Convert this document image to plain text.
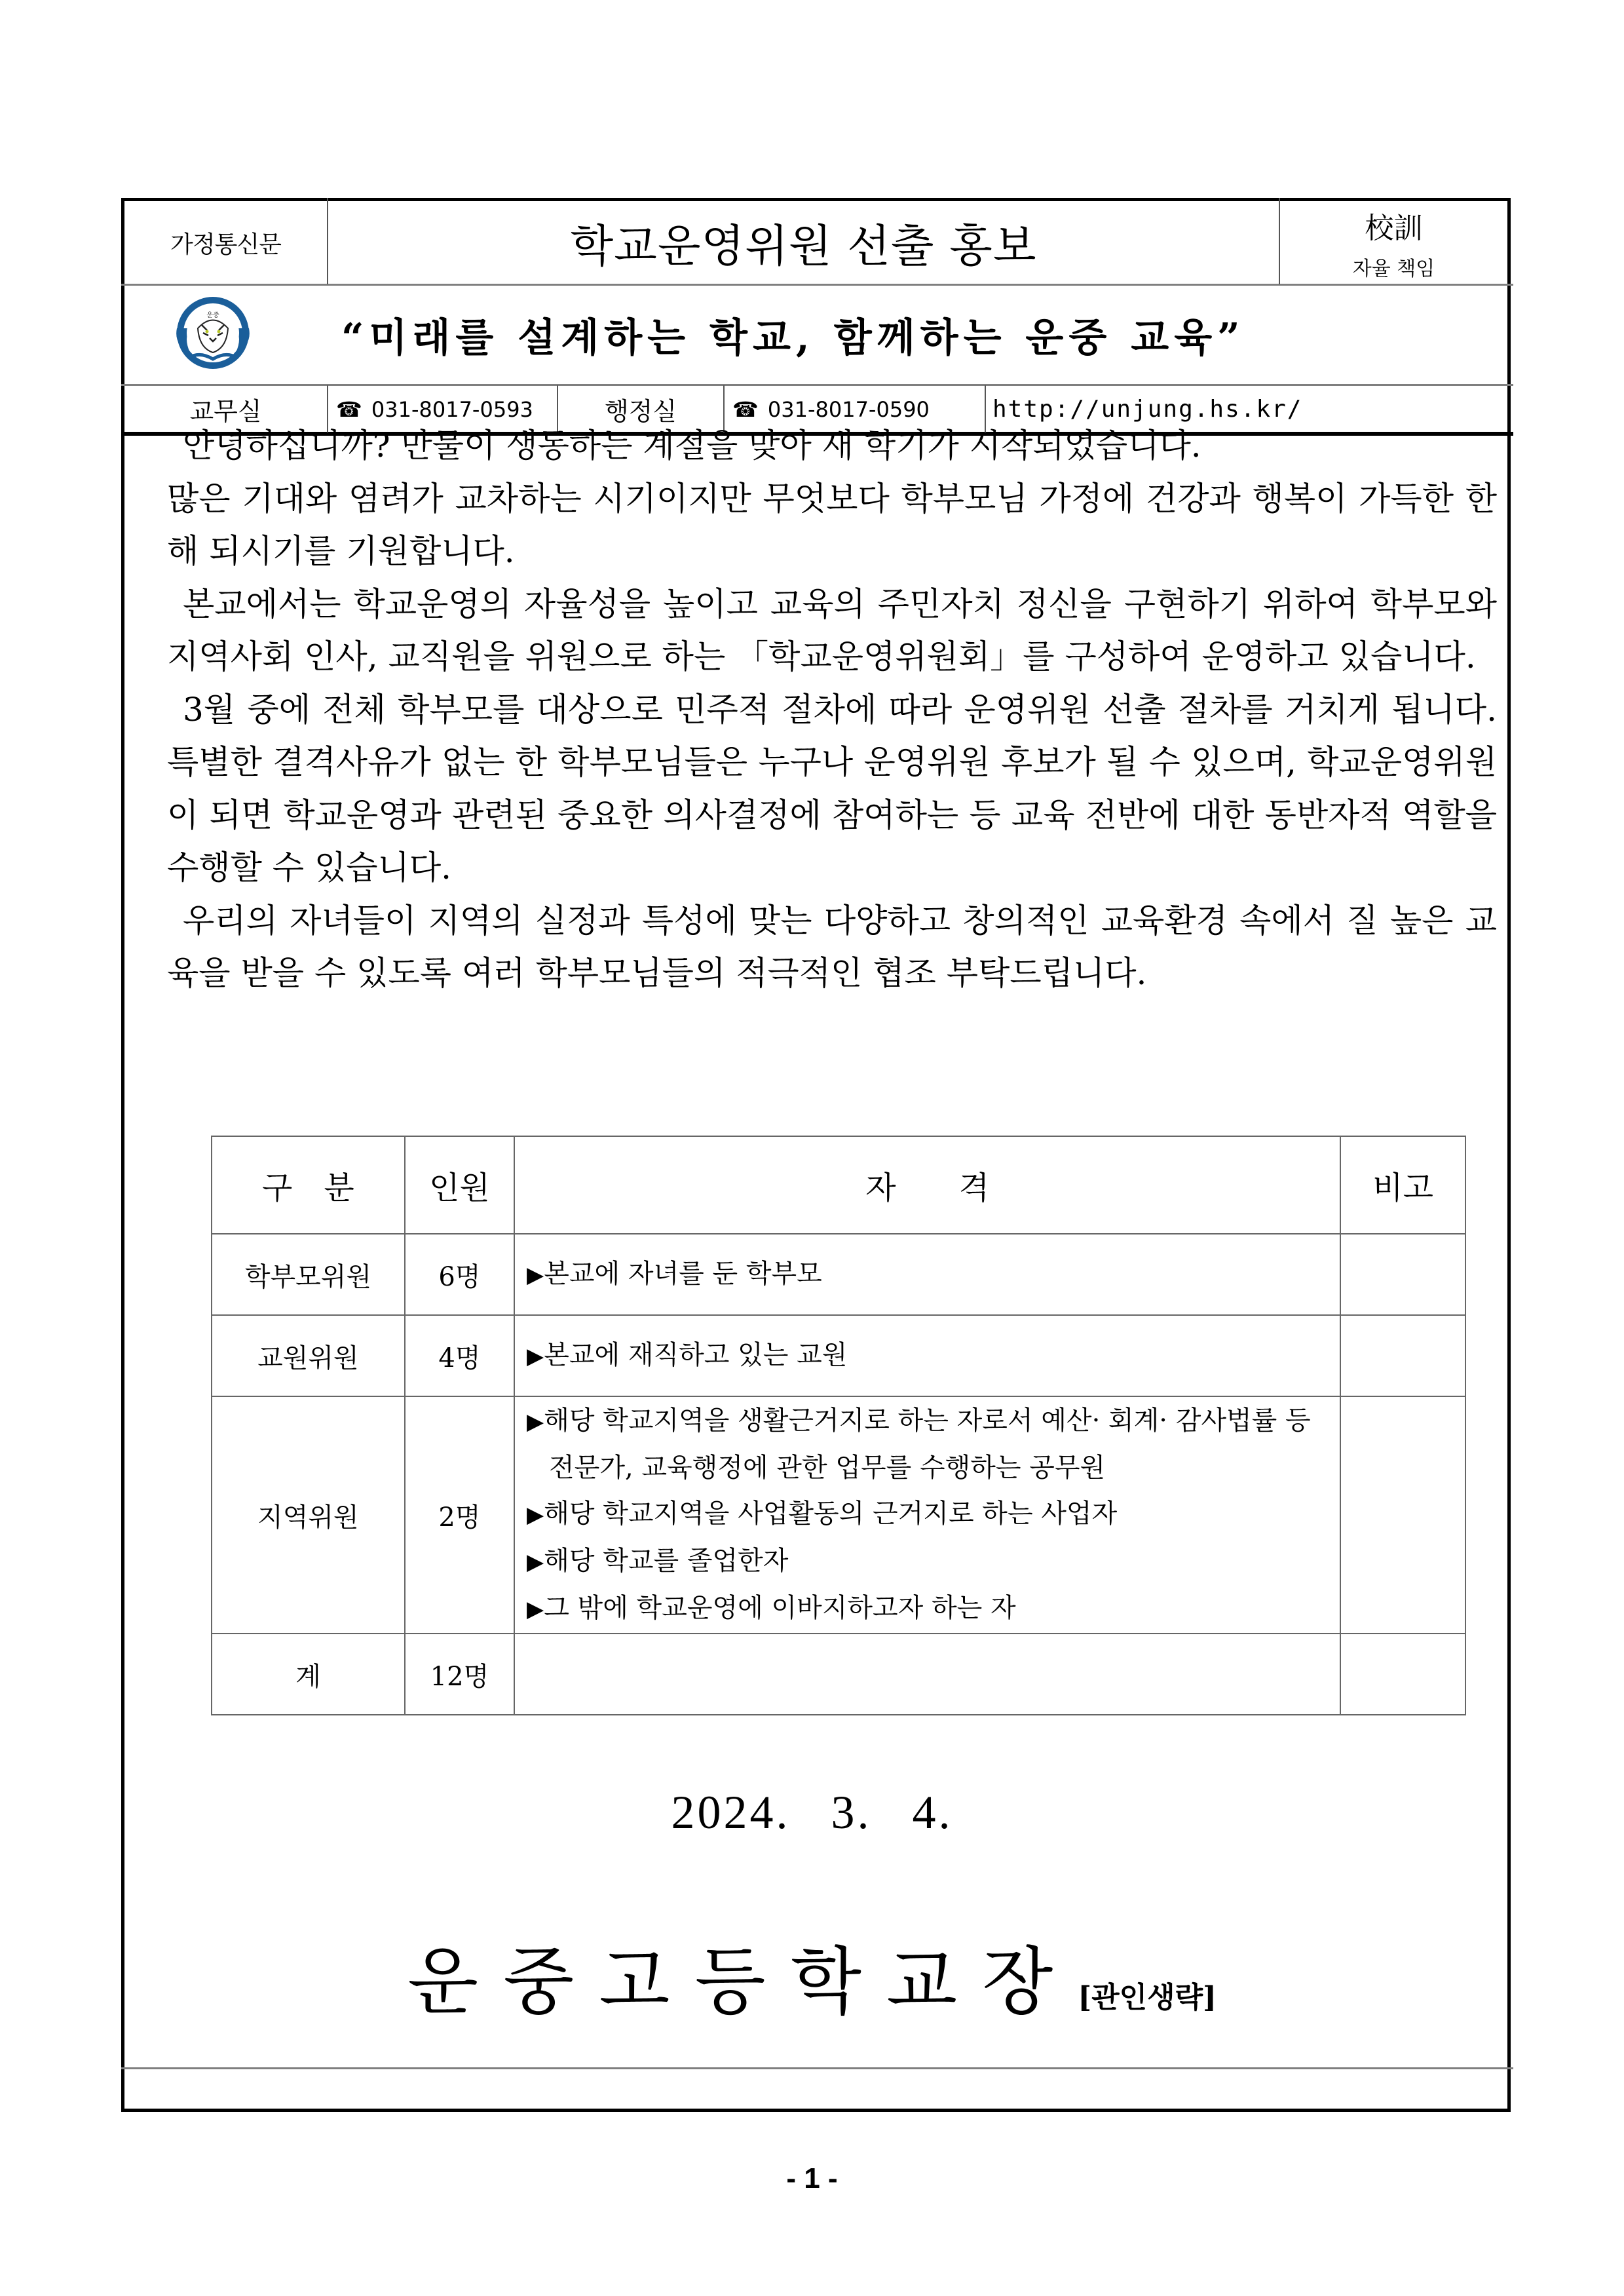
가정통신문	학교운영위원 선출 홍보	校訓
자율 책임
운중	“미래를 설계하는 학교, 함께하는 운중 교육”
교무실	☎ 031-8017-0593	행정실	☎ 031-8017-0590	http://unjung.hs.kr/

안녕하십니까? 만물이 생동하는 계절을 맞아 새 학기가 시작되었습니다.

많은 기대와 염려가 교차하는 시기이지만 무엇보다 학부모님 가정에 건강과 행복이 가득한 한 해 되시기를 기원합니다.

본교에서는 학교운영의 자율성을 높이고 교육의 주민자치 정신을 구현하기 위하여 학부모와 지역사회 인사, 교직원을 위원으로 하는 「학교운영위원회」를 구성하여 운영하고 있습니다.

3월 중에 전체 학부모를 대상으로 민주적 절차에 따라 운영위원 선출 절차를 거치게 됩니다. 특별한 결격사유가 없는 한 학부모님들은 누구나 운영위원 후보가 될 수 있으며, 학교운영위원이 되면 학교운영과 관련된 중요한 의사결정에 참여하는 등 교육 전반에 대한 동반자적 역할을 수행할 수 있습니다.

우리의 자녀들이 지역의 실정과 특성에 맞는 다양하고 창의적인 교육환경 속에서 질 높은 교육을 받을 수 있도록 여러 학부모님들의 적극적인 협조 부탁드립니다.

구　분	인원	자　　격	비고
학부모위원	6명	▶본교에 자녀를 둔 학부모	

교원위원	4명	▶본교에 재직하고 있는 교원	

지역위원	2명	▶해당 학교지역을 생활근거지로 하는 자로서 예산· 회계· 감사법률 등 전문가, 교육행정에 관한 업무를 수행하는 공무원
▶해당 학교지역을 사업활동의 근거지로 하는 사업자
▶해당 학교를 졸업한자
▶그 밖에 학교운영에 이바지하고자 하는 자	

계	12명		
2024. 3. 4.
운중고등학교장[관인생략]
- 1 -
